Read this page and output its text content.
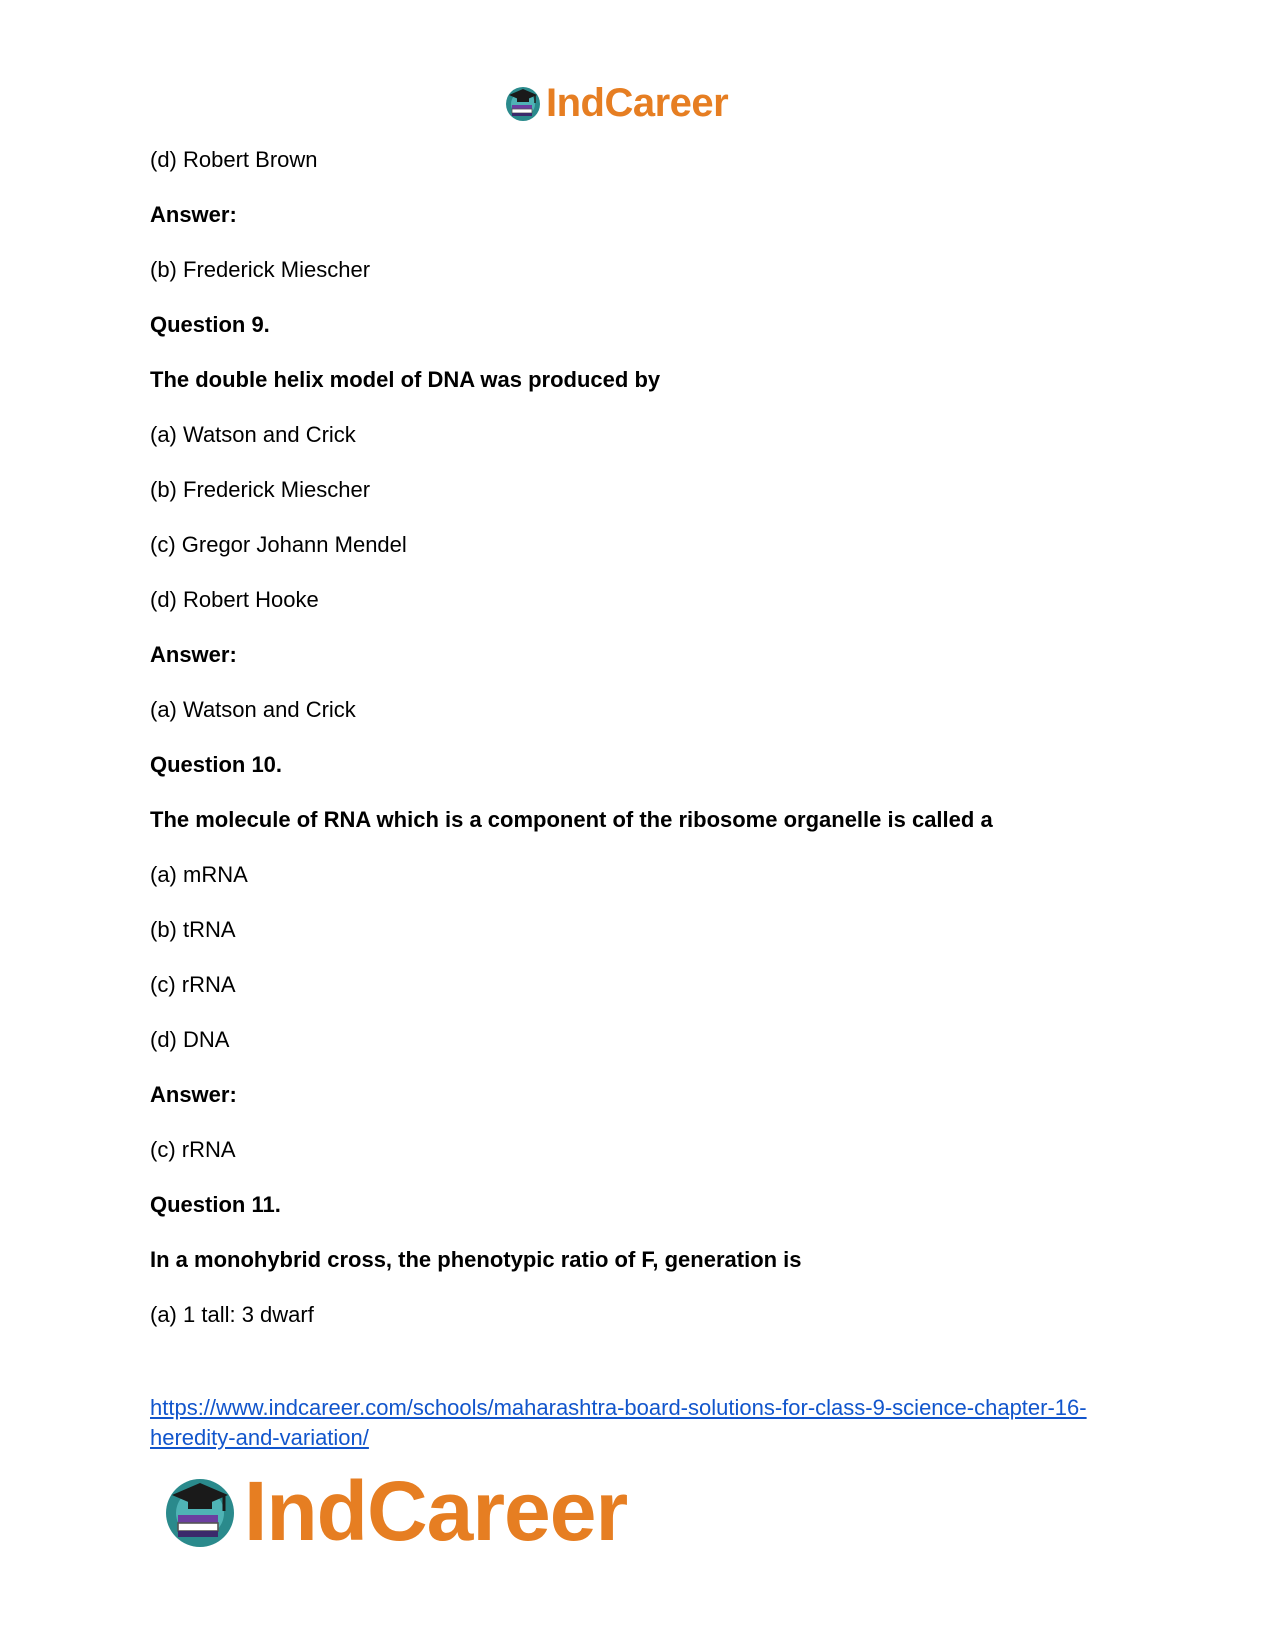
IndCareer
(d) Robert Brown
Answer:
(b) Frederick Miescher
Question 9.
The double helix model of DNA was produced by
(a) Watson and Crick
(b) Frederick Miescher
(c) Gregor Johann Mendel
(d) Robert Hooke
Answer:
(a) Watson and Crick
Question 10.
The molecule of RNA which is a component of the ribosome organelle is called a
(a) mRNA
(b) tRNA
(c) rRNA
(d) DNA
Answer:
(c) rRNA
Question 11.
In a monohybrid cross, the phenotypic ratio of F, generation is
(a) 1 tall: 3 dwarf
https://www.indcareer.com/schools/maharashtra-board-solutions-for-class-9-science-chapter-16-heredity-and-variation/
IndCareer
